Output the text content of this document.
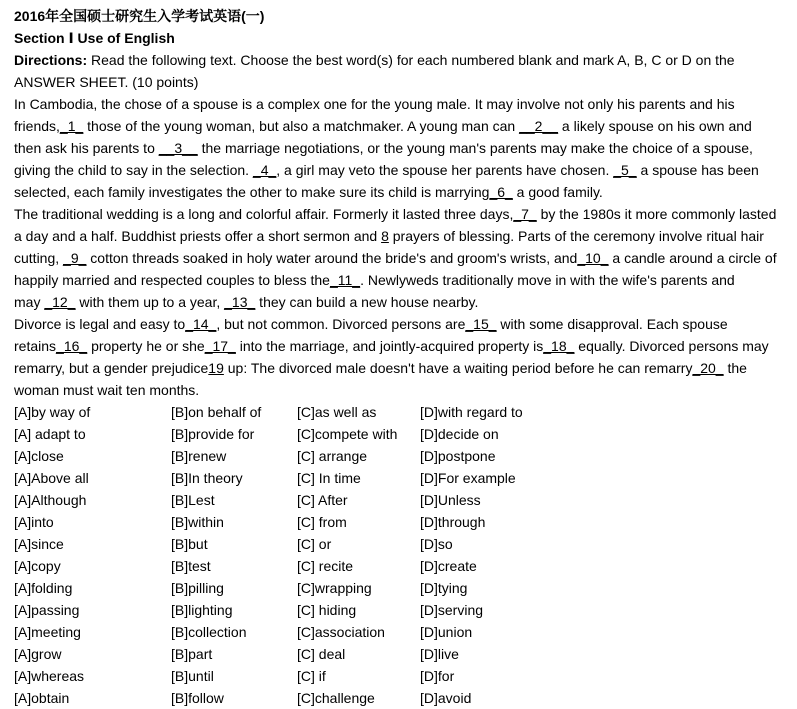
2016年全国硕士研究生入学考试英语(一)
Section Ⅰ Use of English
Directions: Read the following text. Choose the best word(s) for each numbered blank and mark A, B, C or D on the
ANSWER SHEET. (10 points)
In Cambodia, the chose of a spouse is a complex one for the young male. It may involve not only his parents and his
friends,_1_ those of the young woman, but also a matchmaker. A young man can __2__ a likely spouse on his own and
then ask his parents to __3__ the marriage negotiations, or the young man's parents may make the choice of a spouse,
giving the child to say in the selection. _4_, a girl may veto the spouse her parents have chosen. _5_ a spouse has been
selected, each family investigates the other to make sure its child is marrying_6_ a good family.
The traditional wedding is a long and colorful affair. Formerly it lasted three days,_7_ by the 1980s it more commonly lasted
a day and a half. Buddhist priests offer a short sermon and 8 prayers of blessing. Parts of the ceremony involve ritual hair
cutting, _9_ cotton threads soaked in holy water around the bride's and groom's wrists, and_10_ a candle around a circle of
happily married and respected couples to bless the_11_. Newlyweds traditionally move in with the wife's parents and
may _12_ with them up to a year, _13_ they can build a new house nearby.
Divorce is legal and easy to_14_, but not common. Divorced persons are_15_ with some disapproval. Each spouse
retains_16_ property he or she_17_ into the marriage, and jointly-acquired property is_18_ equally. Divorced persons may
remarry, but a gender prejudice19 up: The divorced male doesn't have a waiting period before he can remarry_20_ the
woman must wait ten months.
[A]by way of	[B]on behalf of	[C]as well as	[D]with regard to
[A] adapt to	[B]provide for	[C]compete with [D]decide on
[A]close	[B]renew	[C] arrange	[D]postpone
[A]Above all	[B]In theory	[C] In time	[D]For example
[A]Although	[B]Lest	[C] After	[D]Unless
[A]into	[B]within	[C] from	[D]through
[A]since	[B]but	[C] or	[D]so
[A]copy	[B]test	[C] recite	[D]create
[A]folding	[B]pilling	[C]wrapping	[D]tying
[A]passing	[B]lighting	[C] hiding	[D]serving
[A]meeting	[B]collection	[C]association	[D]union
[A]grow	[B]part	[C] deal	[D]live
[A]whereas	[B]until	[C] if	[D]for
[A]obtain	[B]follow	[C]challenge	[D]avoid
